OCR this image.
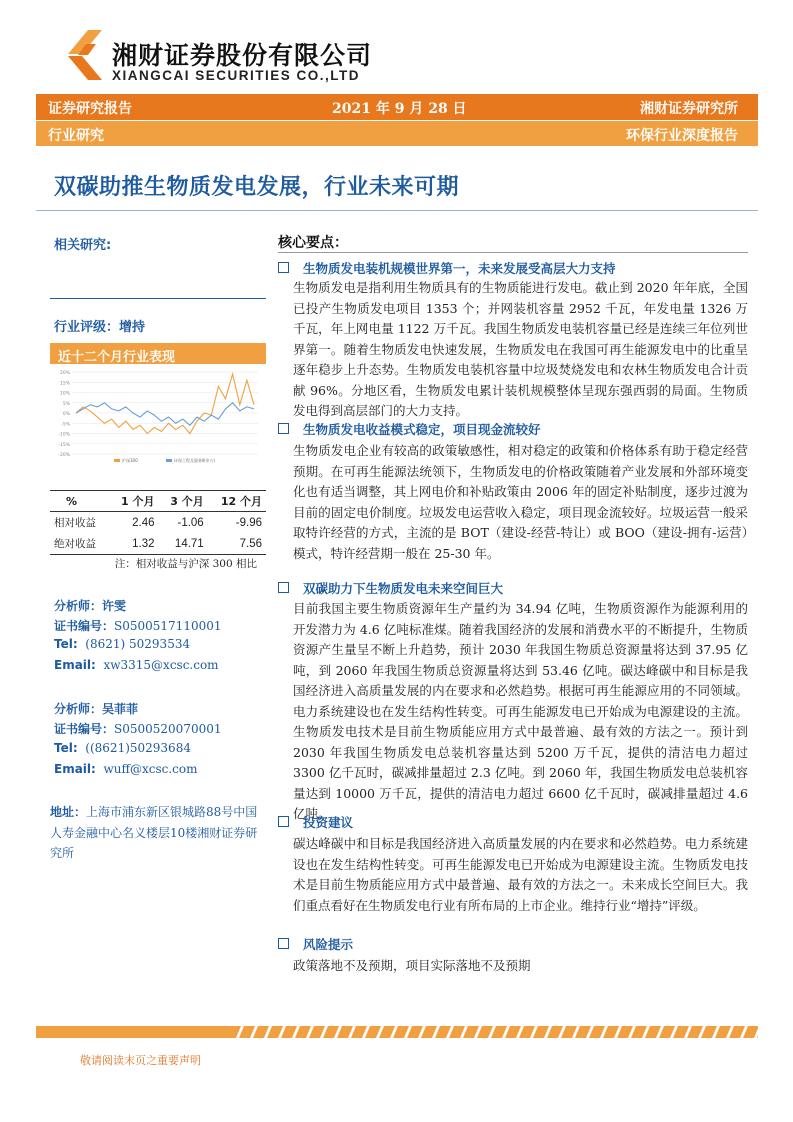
湘财证券股份有限公司
XIANGCAI SECURITIES CO.,LTD
证券研究报告	2021 年 9 月 28 日	湘财证券研究所
行业研究	环保行业深度报告
双碳助推生物质发电发展，行业未来可期
相关研究:
行业评级：增持
近十二个月行业表现
20%
15%
10%
5%
0%
-5%
-10%
-15%
-20%
沪深300	环保工程及服务Ⅱ(申万)
%	1 个月	3 个月	12 个月
相对收益	2.46	-1.06	-9.96
绝对收益	1.32	14.71	7.56
注：相对收益与沪深 300 相比
分析师：许雯
证书编号：S0500517110001
Tel: (8621) 50293534
Email: xw3315@xcsc.com
分析师：吴菲菲
证书编号：S0500520070001
Tel: ((8621)50293684
Email: wuff@xcsc.com
地址：上海市浦东新区银城路88号中国人寿金融中心名义楼层10楼湘财证券研究所
核心要点：
生物质发电装机规模世界第一，未来发展受高层大力支持
生物质发电是指利用生物质具有的生物质能进行发电。截止到 2020 年年底，全国已投产生物质发电项目 1353 个；并网装机容量 2952 千瓦，年发电量 1326 万千瓦，年上网电量 1122 万千瓦。我国生物质发电装机容量已经是连续三年位列世界第一。随着生物质发电快速发展，生物质发电在我国可再生能源发电中的比重呈逐年稳步上升态势。生物质发电装机容量中垃圾焚烧发电和农林生物质发电合计贡献 96%。分地区看，生物质发电累计装机规模整体呈现东强西弱的局面。生物质发电得到高层部门的大力支持。
生物质发电收益模式稳定，项目现金流较好
生物质发电企业有较高的政策敏感性，相对稳定的政策和价格体系有助于稳定经营预期。在可再生能源法统领下，生物质发电的价格政策随着产业发展和外部环境变化也有适当调整，其上网电价和补贴政策由 2006 年的固定补贴制度，逐步过渡为目前的固定电价制度。垃圾发电运营收入稳定，项目现金流较好。垃圾运营一般采取特许经营的方式，主流的是 BOT（建设-经营-特让）或 BOO（建设-拥有-运营）模式，特许经营期一般在 25-30 年。
双碳助力下生物质发电未来空间巨大
目前我国主要生物质资源年生产量约为 34.94 亿吨，生物质资源作为能源利用的开发潜力为 4.6 亿吨标准煤。随着我国经济的发展和消费水平的不断提升，生物质资源产生量呈不断上升趋势，预计 2030 年我国生物质总资源量将达到 37.95 亿吨，到 2060 年我国生物质总资源量将达到 53.46 亿吨。碳达峰碳中和目标是我国经济进入高质量发展的内在要求和必然趋势。根据可再生能源应用的不同领域。电力系统建设也在发生结构性转变。可再生能源发电已开始成为电源建设的主流。生物质发电技术是目前生物质能应用方式中最普遍、最有效的方法之一。预计到 2030 年我国生物质发电总装机容量达到 5200 万千瓦，提供的清洁电力超过 3300 亿千瓦时，碳减排量超过 2.3 亿吨。到 2060 年，我国生物质发电总装机容量达到 10000 万千瓦，提供的清洁电力超过 6600 亿千瓦时，碳减排量超过 4.6 亿吨。
投资建议
碳达峰碳中和目标是我国经济进入高质量发展的内在要求和必然趋势。电力系统建设也在发生结构性转变。可再生能源发电已开始成为电源建设主流。生物质发电技术是目前生物质能应用方式中最普遍、最有效的方法之一。未来成长空间巨大。我们重点看好在生物质发电行业有所布局的上市企业。维持行业“增持”评级。
风险提示
政策落地不及预期，项目实际落地不及预期
敬请阅读末页之重要声明
